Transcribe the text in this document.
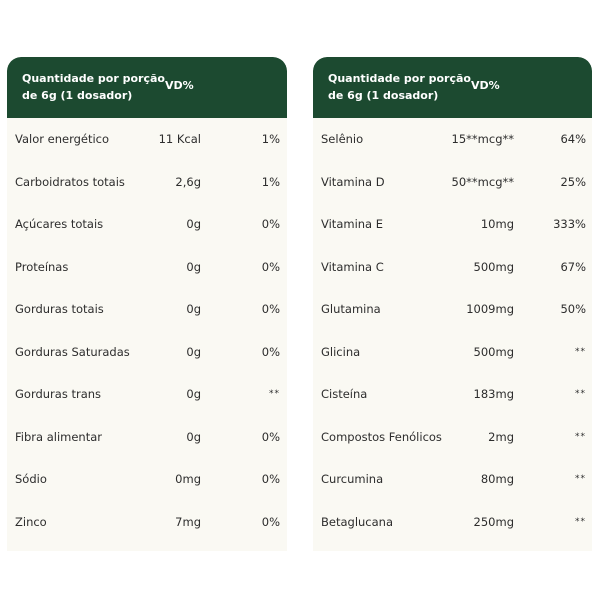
Quantidade por porção de 6g (1 dosador)
VD%
Valor energético	11 Kcal	1%
Carboidratos totais	2,6g	1%
Açúcares totais	0g	0%
Proteínas	0g	0%
Gorduras totais	0g	0%
Gorduras Saturadas	0g	0%
Gorduras trans	0g	**
Fibra alimentar	0g	0%
Sódio	0mg	0%
Zinco	7mg	0%
Quantidade por porção de 6g (1 dosador)
VD%
Selênio	15**mcg**	64%
Vitamina D	50**mcg**	25%
Vitamina E	10mg	333%
Vitamina C	500mg	67%
Glutamina	1009mg	50%
Glicina	500mg	**
Cisteína	183mg	**
Compostos Fenólicos	2mg	**
Curcumina	80mg	**
Betaglucana	250mg	**
